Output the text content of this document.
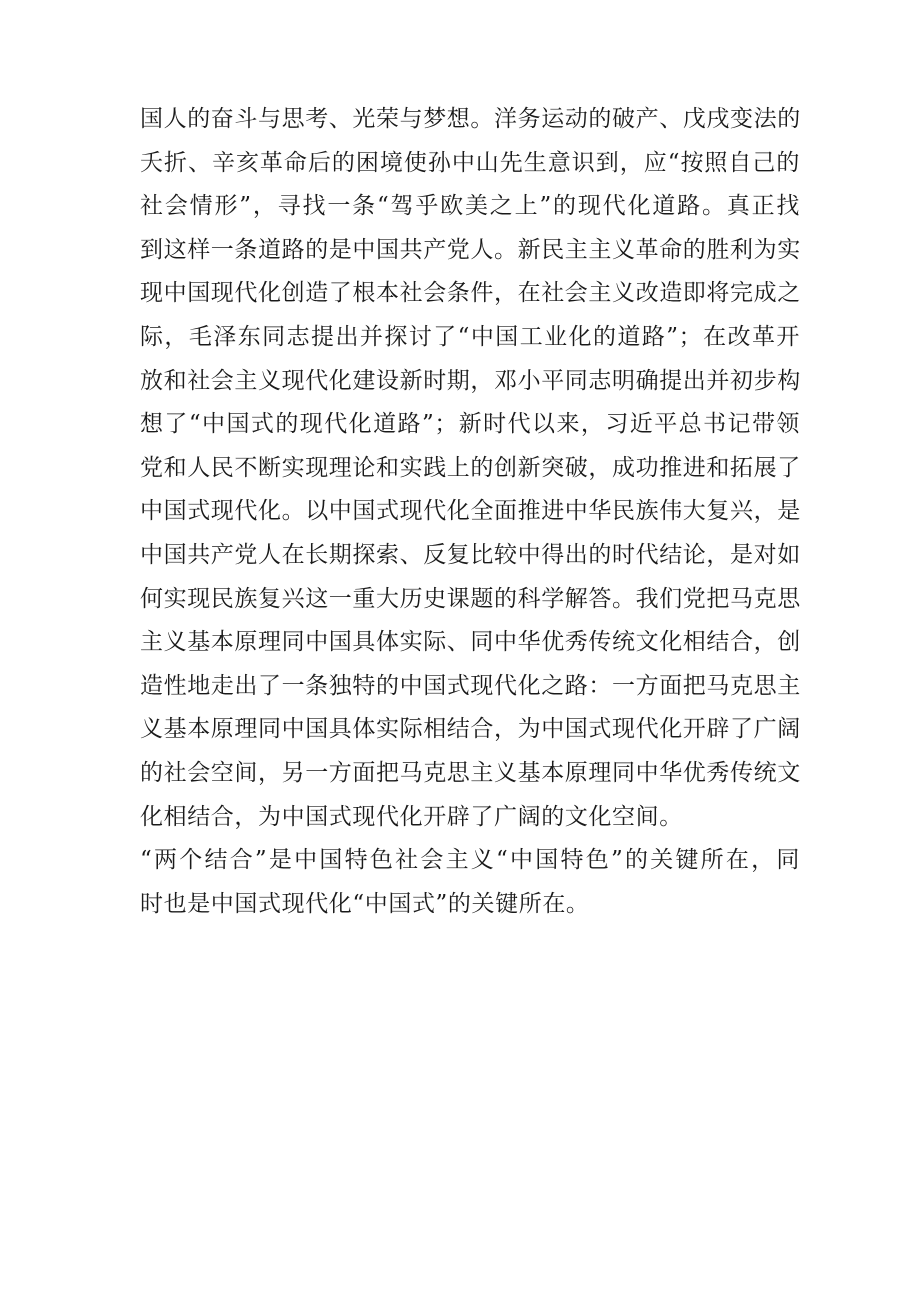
国人的奋斗与思考、光荣与梦想。洋务运动的破产、戊戌变法的
夭折、辛亥革命后的困境使孙中山先生意识到，应“按照自己的
社会情形”，寻找一条“驾乎欧美之上”的现代化道路。真正找
到这样一条道路的是中国共产党人。新民主主义革命的胜利为实
现中国现代化创造了根本社会条件，在社会主义改造即将完成之
际，毛泽东同志提出并探讨了“中国工业化的道路”；在改革开
放和社会主义现代化建设新时期，邓小平同志明确提出并初步构
想了“中国式的现代化道路”；新时代以来，习近平总书记带领
党和人民不断实现理论和实践上的创新突破，成功推进和拓展了
中国式现代化。以中国式现代化全面推进中华民族伟大复兴，是
中国共产党人在长期探索、反复比较中得出的时代结论，是对如
何实现民族复兴这一重大历史课题的科学解答。我们党把马克思
主义基本原理同中国具体实际、同中华优秀传统文化相结合，创
造性地走出了一条独特的中国式现代化之路：一方面把马克思主
义基本原理同中国具体实际相结合，为中国式现代化开辟了广阔
的社会空间，另一方面把马克思主义基本原理同中华优秀传统文
化相结合，为中国式现代化开辟了广阔的文化空间。
“两个结合”是中国特色社会主义“中国特色”的关键所在，同
时也是中国式现代化“中国式”的关键所在。
